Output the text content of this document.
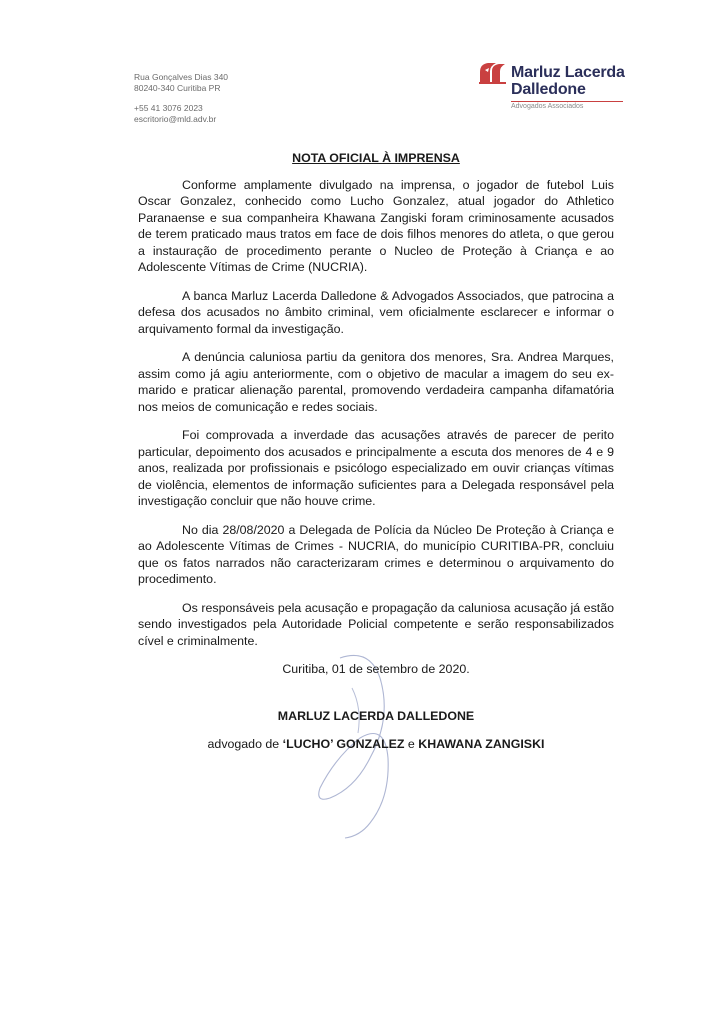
Rua Gonçalves Dias 340
80240-340 Curitiba PR
+55 41 3076 2023
escritorio@mld.adv.br
Marluz Lacerda
Dalledone
Advogados Associados
NOTA OFICIAL À IMPRENSA

Conforme amplamente divulgado na imprensa, o jogador de futebol Luis Oscar Gonzalez, conhecido como Lucho Gonzalez, atual jogador do Athletico Paranaense e sua companheira Khawana Zangiski foram criminosamente acusados de terem praticado maus tratos em face de dois filhos menores do atleta, o que gerou a instauração de procedimento perante o Nucleo de Proteção à Criança e ao Adolescente Vítimas de Crime (NUCRIA).

A banca Marluz Lacerda Dalledone & Advogados Associados, que patrocina a defesa dos acusados no âmbito criminal, vem oficialmente esclarecer e informar o arquivamento formal da investigação.

A denúncia caluniosa partiu da genitora dos menores, Sra. Andrea Marques, assim como já agiu anteriormente, com o objetivo de macular a imagem do seu ex-marido e praticar alienação parental, promovendo verdadeira campanha difamatória nos meios de comunicação e redes sociais.

Foi comprovada a inverdade das acusações através de parecer de perito particular, depoimento dos acusados e principalmente a escuta dos menores de 4 e 9 anos, realizada por profissionais e psicólogo especializado em ouvir crianças vítimas de violência, elementos de informação suficientes para a Delegada responsável pela investigação concluir que não houve crime.

No dia 28/08/2020 a Delegada de Polícia da Núcleo De Proteção à Criança e ao Adolescente Vítimas de Crimes - NUCRIA, do município CURITIBA-PR, concluiu que os fatos narrados não caracterizaram crimes e determinou o arquivamento do procedimento.

Os responsáveis pela acusação e propagação da caluniosa acusação já estão sendo investigados pela Autoridade Policial competente e serão responsabilizados cível e criminalmente.

Curitiba, 01 de setembro de 2020.
MARLUZ LACERDA DALLEDONE
advogado de ‘LUCHO’ GONZALEZ e KHAWANA ZANGISKI
